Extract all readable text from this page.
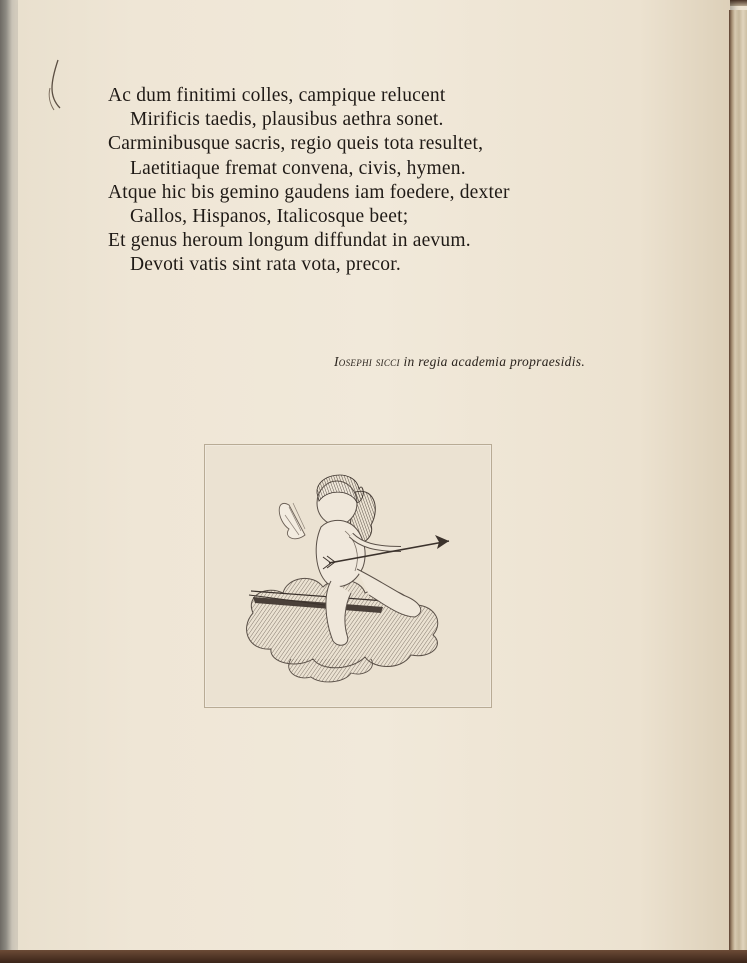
Ac dum finitimi colles, campique relucent
Mirificis taedis, plausibus aethra sonet.
Carminibusque sacris, regio queis tota resultet,
Laetitiaque fremat convena, civis, hymen.
Atque hic bis gemino gaudens iam foedere, dexter
Gallos, Hispanos, Italicosque beet;
Et genus heroum longum diffundat in aevum.
Devoti vatis sint rata vota, precor.
Iosephi sicci in regia academia propraesidis.
